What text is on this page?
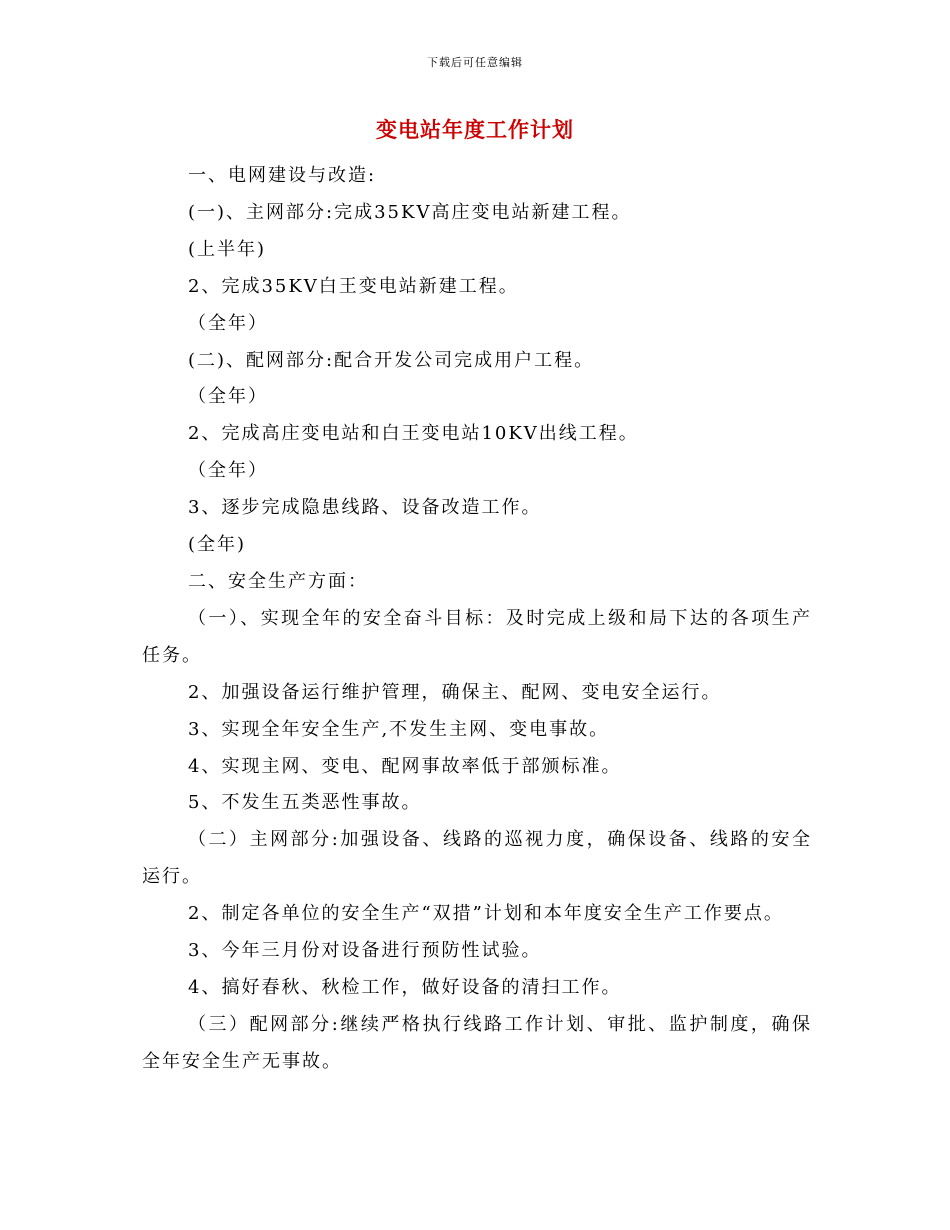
下载后可任意编辑
变电站年度工作计划

一、电网建设与改造:

(一)、主网部分:完成35KV高庄变电站新建工程。

(上半年)

2、完成35KV白王变电站新建工程。

（全年）

(二)、配网部分:配合开发公司完成用户工程。

（全年）

2、完成高庄变电站和白王变电站10KV出线工程。

（全年）

3、逐步完成隐患线路、设备改造工作。

(全年)

二、安全生产方面：

（一）、实现全年的安全奋斗目标：及时完成上级和局下达的各项生产任务。

2、加强设备运行维护管理，确保主、配网、变电安全运行。

3、实现全年安全生产,不发生主网、变电事故。

4、实现主网、变电、配网事故率低于部颁标准。

5、不发生五类恶性事故。

（二）主网部分:加强设备、线路的巡视力度，确保设备、线路的安全运行。

2、制定各单位的安全生产“双措”计划和本年度安全生产工作要点。

3、今年三月份对设备进行预防性试验。

4、搞好春秋、秋检工作，做好设备的清扫工作。

（三）配网部分:继续严格执行线路工作计划、审批、监护制度，确保全年安全生产无事故。
